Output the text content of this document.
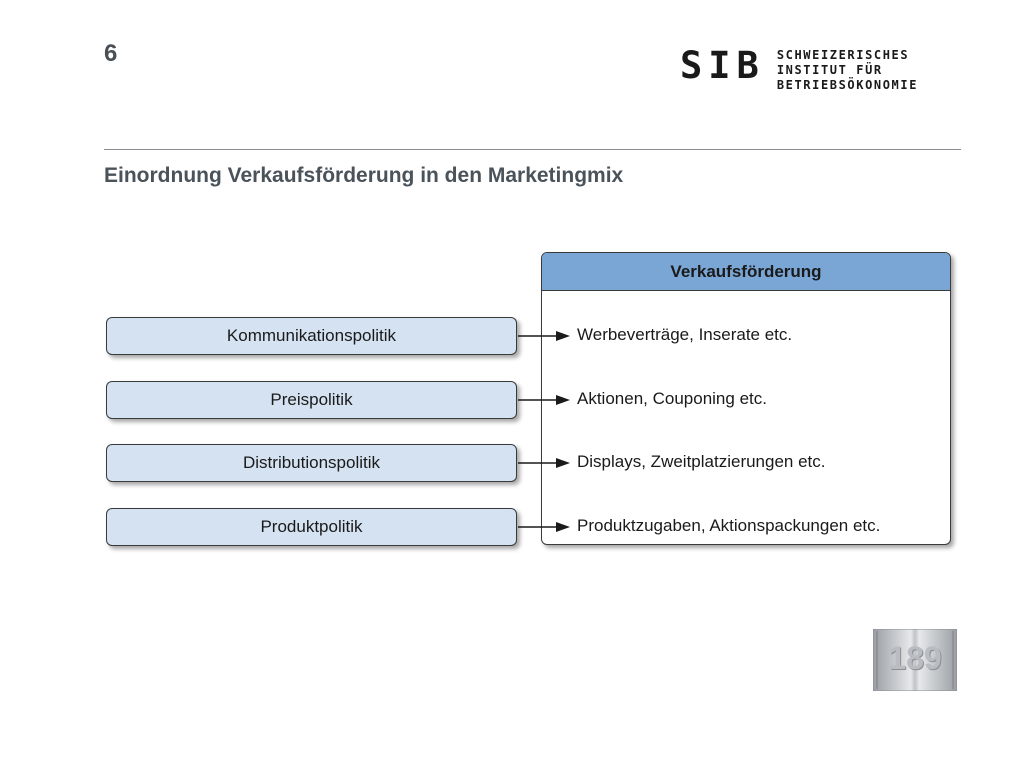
6	SIB SCHWEIZERISCHES
INSTITUT FÜR
BETRIEBSÖKONOMIE
Einordnung Verkaufsförderung in den Marketingmix
Verkaufsförderung
Kommunikationspolitik	Werbeverträge, Inserate etc.
Preispolitik	Aktionen, Couponing etc.
Distributionspolitik	Displays, Zweitplatzierungen etc.
Produktpolitik	Produktzugaben, Aktionspackungen etc.
189
